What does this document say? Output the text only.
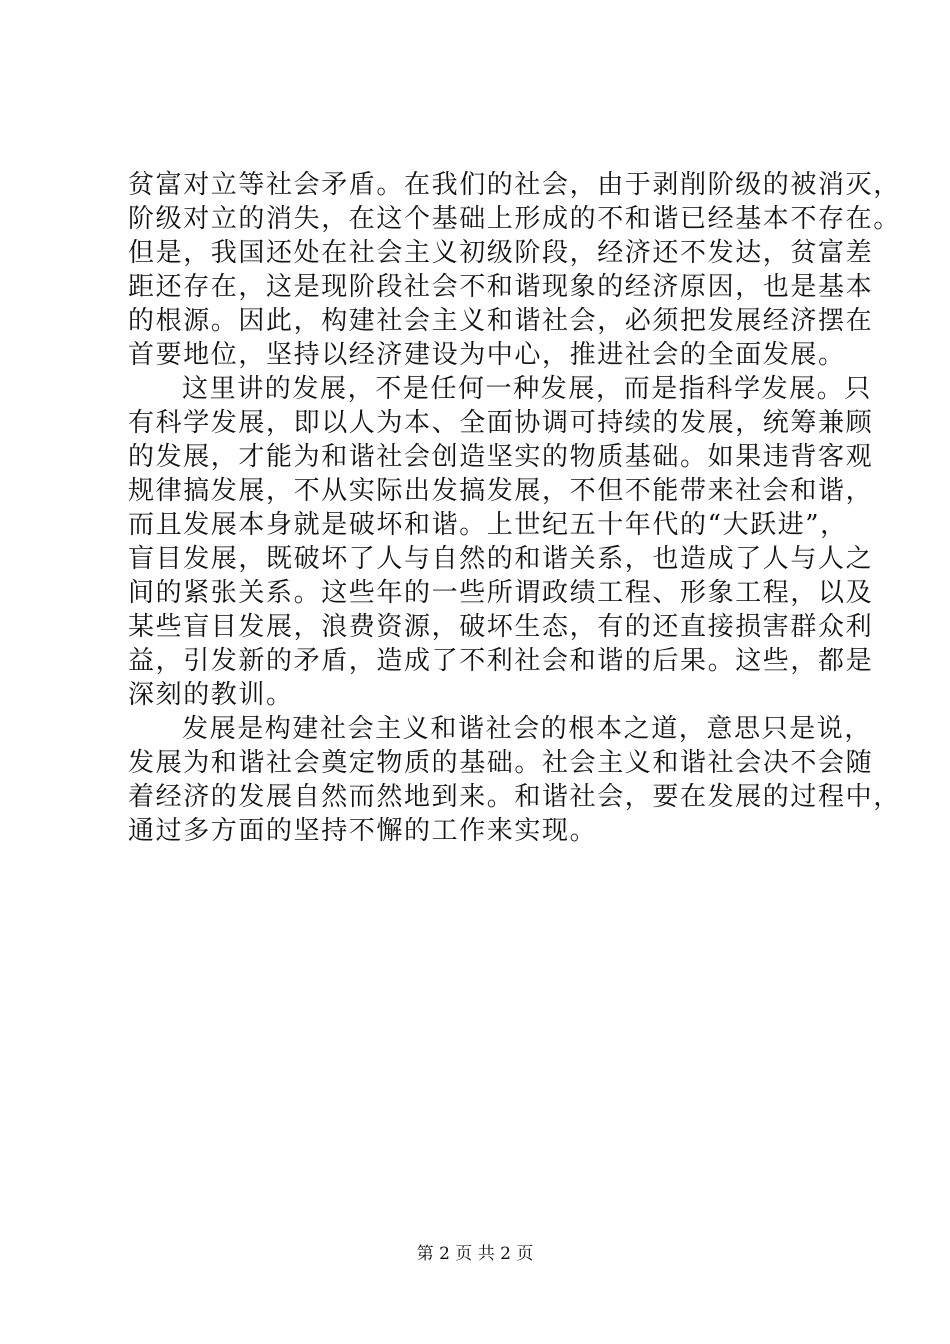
贫富对立等社会矛盾。在我们的社会，由于剥削阶级的被消灭，
阶级对立的消失，在这个基础上形成的不和谐已经基本不存在。
但是，我国还处在社会主义初级阶段，经济还不发达，贫富差
距还存在，这是现阶段社会不和谐现象的经济原因，也是基本
的根源。因此，构建社会主义和谐社会，必须把发展经济摆在
首要地位，坚持以经济建设为中心，推进社会的全面发展。
这里讲的发展，不是任何一种发展，而是指科学发展。只
有科学发展，即以人为本、全面协调可持续的发展，统筹兼顾
的发展，才能为和谐社会创造坚实的物质基础。如果违背客观
规律搞发展，不从实际出发搞发展，不但不能带来社会和谐，
而且发展本身就是破坏和谐。上世纪五十年代的“大跃进”，
盲目发展，既破坏了人与自然的和谐关系，也造成了人与人之
间的紧张关系。这些年的一些所谓政绩工程、形象工程，以及
某些盲目发展，浪费资源，破坏生态，有的还直接损害群众利
益，引发新的矛盾，造成了不利社会和谐的后果。这些，都是
深刻的教训。
发展是构建社会主义和谐社会的根本之道，意思只是说，
发展为和谐社会奠定物质的基础。社会主义和谐社会决不会随
着经济的发展自然而然地到来。和谐社会，要在发展的过程中，
通过多方面的坚持不懈的工作来实现。
第 2 页 共 2 页
